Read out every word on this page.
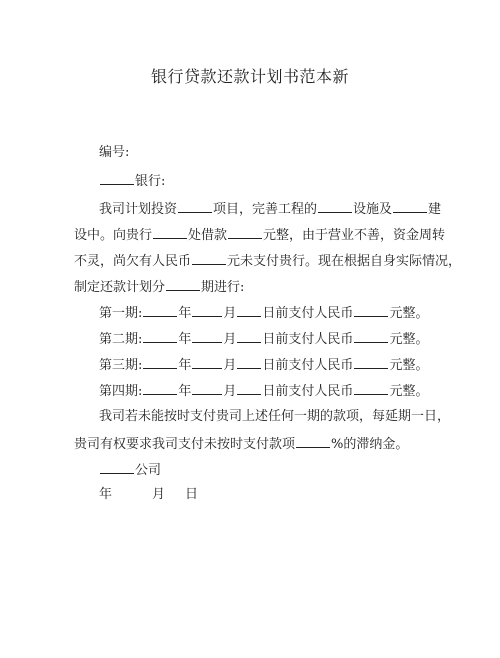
银行贷款还款计划书范本新
编号:
银行:
我司计划投资	项目，完善工程的	设施及	建
设中。向贵行	处借款	元整，由于营业不善，资金周转
不灵，尚欠有人民币	元未支付贵行。现在根据自身实际情况，
制定还款计划分	期进行:
第一期:	年 月 日前支付人民币	元整。
第二期:	年 月 日前支付人民币	元整。
第三期:	年 月 日前支付人民币	元整。
第四期:	年 月 日前支付人民币	元整。
我司若未能按时支付贵司上述任何一期的款项，每延期一日，
贵司有权要求我司支付未按时支付款项	%的滞纳金。
公司
年	月 日
